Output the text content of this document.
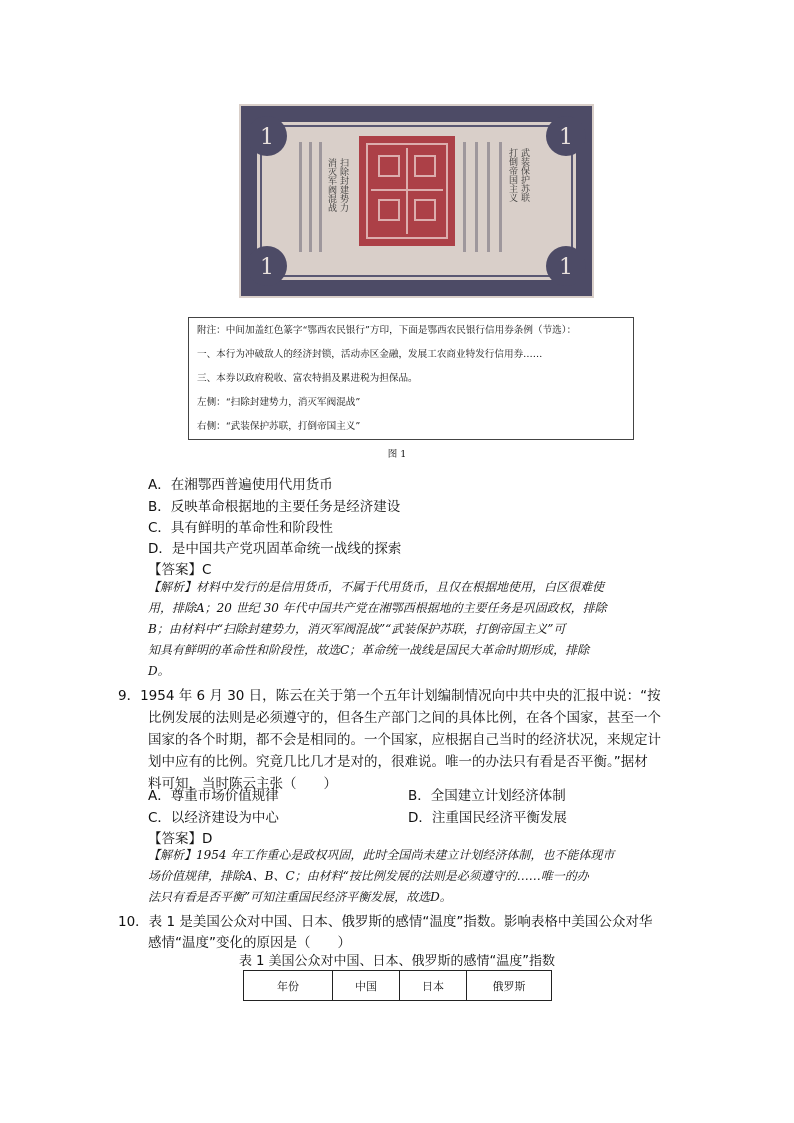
1
1
1
1
扫除封建势力
消灭军阀混战	武装保护苏联
打倒帝国主义
附注：中间加盖红色篆字“鄂西农民银行”方印，下面是鄂西农民银行信用券条例（节选）：
一、本行为冲破敌人的经济封锁，活动赤区金融，发展工农商业特发行信用券……
三、本券以政府税收、富农特捐及累进税为担保品。
左侧：“扫除封建势力，消灭军阀混战”
右侧：“武装保护苏联，打倒帝国主义”
图 1
A．在湘鄂西普遍使用代用货币
B．反映革命根据地的主要任务是经济建设
C．具有鲜明的革命性和阶段性
D．是中国共产党巩固革命统一战线的探索
【答案】C
【解析】材料中发行的是信用货币，不属于代用货币，且仅在根据地使用，白区很难使
用，排除A；20 世纪 30 年代中国共产党在湘鄂西根据地的主要任务是巩固政权，排除
B；由材料中“扫除封建势力，消灭军阀混战”“武装保护苏联，打倒帝国主义”可
知具有鲜明的革命性和阶段性，故选C；革命统一战线是国民大革命时期形成，排除
D。
9．1954 年 6 月 30 日，陈云在关于第一个五年计划编制情况向中共中央的汇报中说：“按
比例发展的法则是必须遵守的，但各生产部门之间的具体比例，在各个国家，甚至一个
国家的各个时期，都不会是相同的。一个国家，应根据自己当时的经济状况，来规定计
划中应有的比例。究竟几比几才是对的，很难说。唯一的办法只有看是否平衡。”据材
料可知，当时陈云主张（　　）
A．尊重市场价值规律	B．全国建立计划经济体制
C．以经济建设为中心	D．注重国民经济平衡发展
【答案】D
【解析】1954 年工作重心是政权巩固，此时全国尚未建立计划经济体制，也不能体现市
场价值规律，排除A、B、C；由材料“按比例发展的法则是必须遵守的……唯一的办
法只有看是否平衡”可知注重国民经济平衡发展，故选D。
10．表 1 是美国公众对中国、日本、俄罗斯的感情“温度”指数。影响表格中美国公众对华
感情“温度”变化的原因是（　　）
表 1 美国公众对中国、日本、俄罗斯的感情“温度”指数
年份	中国	日本	俄罗斯
